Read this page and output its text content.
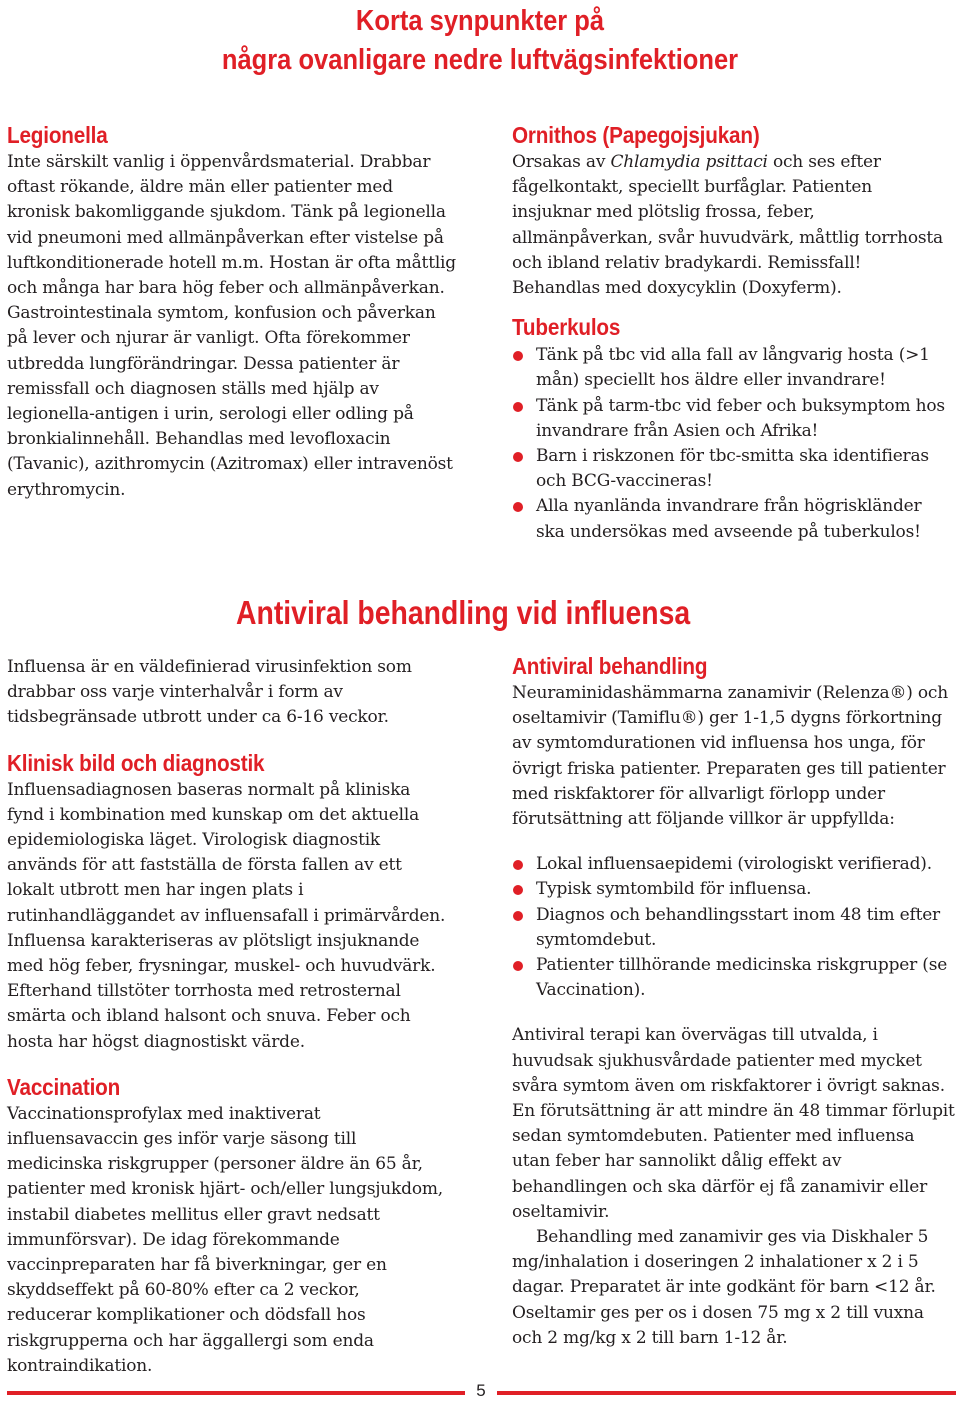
Korta synpunkter på
några ovanligare nedre luftvägsinfektioner
Legionella

Inte särskilt vanlig i öppenvårdsmaterial. Drabbar oftast rökande, äldre män eller patienter med kronisk bakomliggande sjukdom. Tänk på legionella vid pneumoni med allmänpåverkan efter vistelse på luftkonditionerade hotell m.m. Hostan är ofta måttlig och många har bara hög feber och allmänpåverkan. Gastrointestinala symtom, konfusion och påverkan på lever och njurar är vanligt. Ofta förekommer utbredda lungförändringar. Dessa patienter är remissfall och diagnosen ställs med hjälp av legionella-antigen i urin, serologi eller odling på bronkialinnehåll. Behandlas med levofloxacin (Tavanic), azithromycin (Azitromax) eller intravenöst erythromycin.

Ornithos (Papegojsjukan)

Orsakas av Chlamydia psittaci och ses efter fågelkontakt, speciellt burfåglar. Patienten insjuknar med plötslig frossa, feber, allmänpåverkan, svår huvudvärk, måttlig torrhosta och ibland relativ bradykardi. Remissfall! Behandlas med doxycyklin (Doxyferm).

Tuberkulos
Tänk på tbc vid alla fall av långvarig hosta (>1 mån) speciellt hos äldre eller invandrare!
Tänk på tarm-tbc vid feber och buksymptom hos invandrare från Asien och Afrika!
Barn i riskzonen för tbc-smitta ska identifieras och BCG-vaccineras!
Alla nyanlända invandrare från högriskländer ska undersökas med avseende på tuberkulos!
Antiviral behandling vid influensa

Influensa är en väldefinierad virusinfektion som drabbar oss varje vinterhalvår i form av tidsbegränsade utbrott under ca 6-16 veckor.

Klinisk bild och diagnostik

Influensadiagnosen baseras normalt på kliniska fynd i kombination med kunskap om det aktuella epidemiologiska läget. Virologisk diagnostik används för att fastställa de första fallen av ett lokalt utbrott men har ingen plats i rutinhandläggandet av influensafall i primärvården. Influensa karakteriseras av plötsligt insjuknande med hög feber, frysningar, muskel- och huvudvärk. Efterhand tillstöter torrhosta med retrosternal smärta och ibland halsont och snuva. Feber och hosta har högst diagnostiskt värde.

Vaccination

Vaccinationsprofylax med inaktiverat influensavaccin ges inför varje säsong till medicinska riskgrupper (personer äldre än 65 år, patienter med kronisk hjärt- och/eller lungsjukdom, instabil diabetes mellitus eller gravt nedsatt immunförsvar). De idag förekommande vaccinpreparaten har få biverkningar, ger en skyddseffekt på 60-80% efter ca 2 veckor, reducerar komplikationer och dödsfall hos riskgrupperna och har äggallergi som enda kontraindikation.

Antiviral behandling

Neuraminidashämmarna zanamivir (Relenza®) och oseltamivir (Tamiflu®) ger 1-1,5 dygns förkortning av symtomdurationen vid influensa hos unga, för övrigt friska patienter. Preparaten ges till patienter med riskfaktorer för allvarligt förlopp under förutsättning att följande villkor är uppfyllda:

Lokal influensaepidemi (virologiskt verifierad).
Typisk symtombild för influensa.
Diagnos och behandlingsstart inom 48 tim efter symtomdebut.
Patienter tillhörande medicinska riskgrupper (se Vaccination).

Antiviral terapi kan övervägas till utvalda, i huvudsak sjukhusvårdade patienter med mycket svåra symtom även om riskfaktorer i övrigt saknas. En förutsättning är att mindre än 48 timmar förlupit sedan symtomdebuten. Patienter med influensa utan feber har sannolikt dålig effekt av behandlingen och ska därför ej få zanamivir eller oseltamivir.

Behandling med zanamivir ges via Diskhaler 5 mg/inhalation i doseringen 2 inhalationer x 2 i 5 dagar. Preparatet är inte godkänt för barn <12 år. Oseltamir ges per os i dosen 75 mg x 2 till vuxna och 2 mg/kg x 2 till barn 1-12 år.

5
